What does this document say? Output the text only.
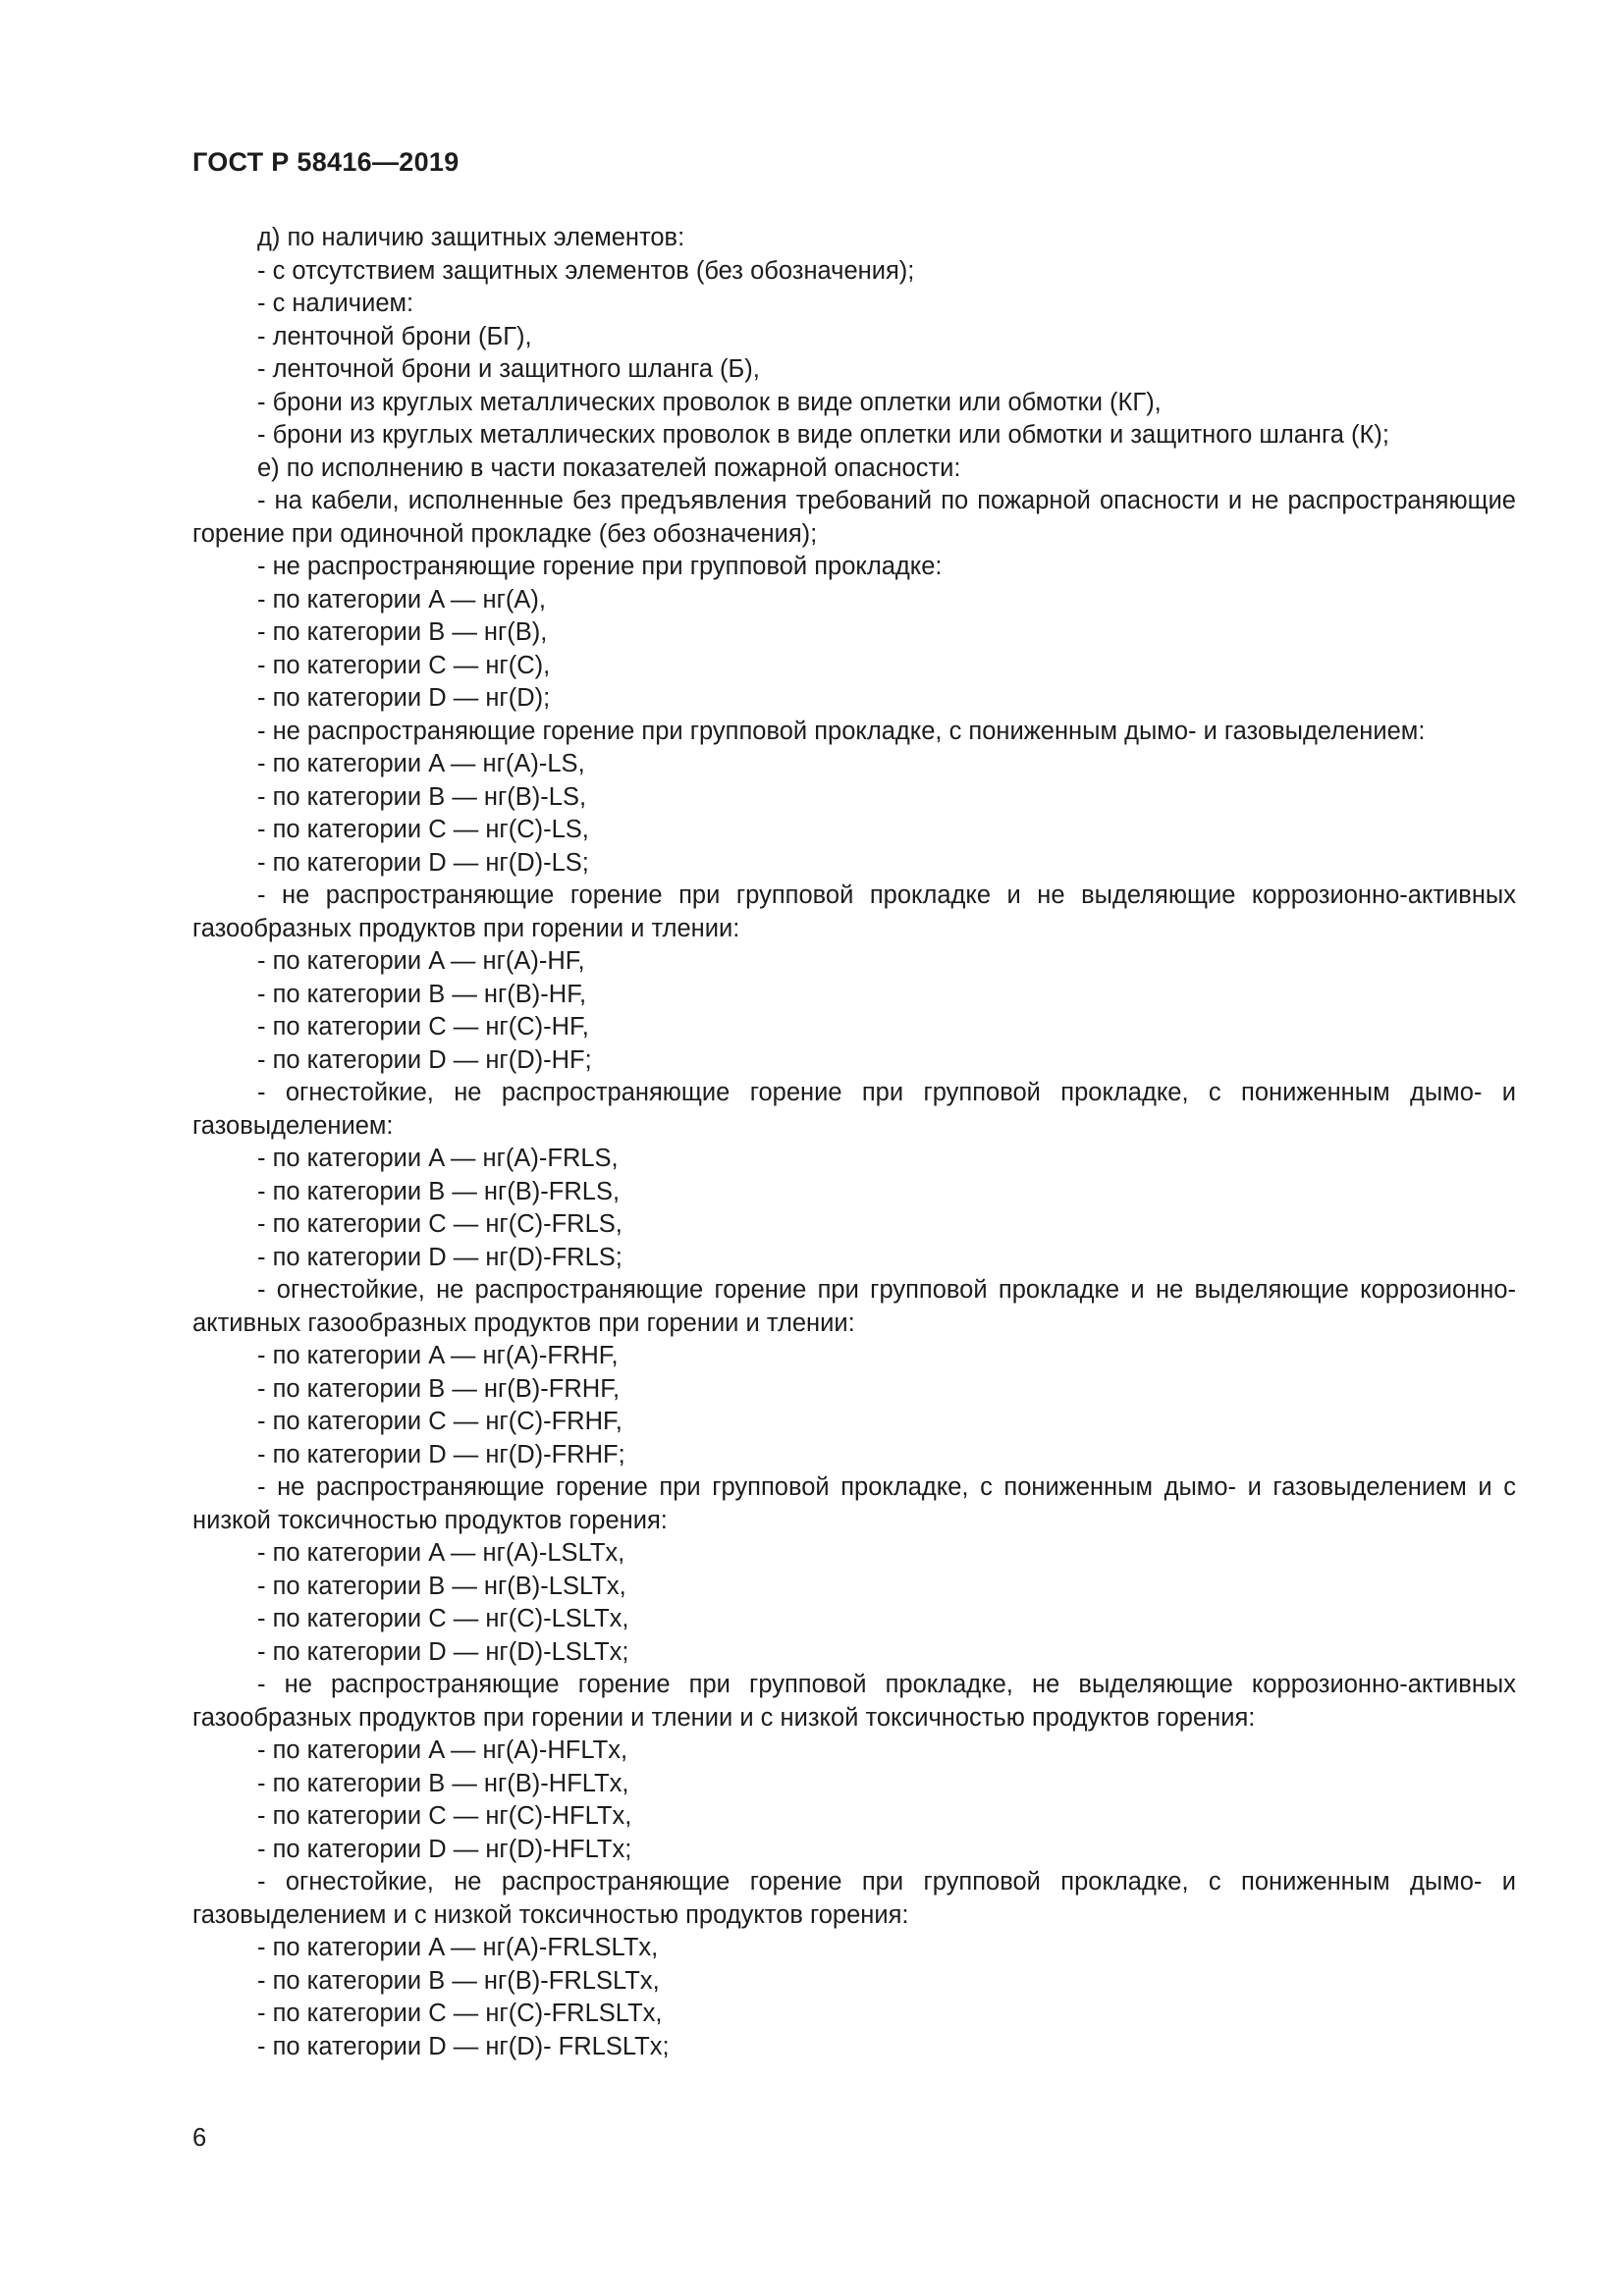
ГОСТ Р 58416—2019

д) по наличию защитных элементов:

- с отсутствием защитных элементов (без обозначения);

- с наличием:

- ленточной брони (БГ),

- ленточной брони и защитного шланга (Б),

- брони из круглых металлических проволок в виде оплетки или обмотки (КГ),

- брони из круглых металлических проволок в виде оплетки или обмотки и защитного шланга (К);

е) по исполнению в части показателей пожарной опасности:

- на кабели, исполненные без предъявления требований по пожарной опасности и не распространяющие горение при одиночной прокладке (без обозначения);

- не распространяющие горение при групповой прокладке:

- по категории A — нг(A),

- по категории B — нг(B),

- по категории C — нг(C),

- по категории D — нг(D);

- не распространяющие горение при групповой прокладке, с пониженным дымо- и газовыделением:

- по категории A — нг(A)-LS,

- по категории B — нг(B)-LS,

- по категории C — нг(C)-LS,

- по категории D — нг(D)-LS;

- не распространяющие горение при групповой прокладке и не выделяющие коррозионно-активных газообразных продуктов при горении и тлении:

- по категории A — нг(A)-HF,

- по категории B — нг(B)-HF,

- по категории C — нг(C)-HF,

- по категории D — нг(D)-HF;

- огнестойкие, не распространяющие горение при групповой прокладке, с пониженным дымо- и газовыделением:

- по категории A — нг(A)-FRLS,

- по категории B — нг(B)-FRLS,

- по категории C — нг(C)-FRLS,

- по категории D — нг(D)-FRLS;

- огнестойкие, не распространяющие горение при групповой прокладке и не выделяющие коррозионно-активных газообразных продуктов при горении и тлении:

- по категории A — нг(A)-FRHF,

- по категории B — нг(B)-FRHF,

- по категории C — нг(C)-FRHF,

- по категории D — нг(D)-FRHF;

- не распространяющие горение при групповой прокладке, с пониженным дымо- и газовыделением и с низкой токсичностью продуктов горения:

- по категории A — нг(A)-LSLTx,

- по категории B — нг(B)-LSLTx,

- по категории C — нг(C)-LSLTx,

- по категории D — нг(D)-LSLTx;

- не распространяющие горение при групповой прокладке, не выделяющие коррозионно-активных газообразных продуктов при горении и тлении и с низкой токсичностью продуктов горения:

- по категории A — нг(A)-HFLTx,

- по категории B — нг(B)-HFLTx,

- по категории C — нг(C)-HFLTx,

- по категории D — нг(D)-HFLTx;

- огнестойкие, не распространяющие горение при групповой прокладке, с пониженным дымо- и газовыделением и с низкой токсичностью продуктов горения:

- по категории A — нг(A)-FRLSLTx,

- по категории B — нг(B)-FRLSLTx,

- по категории C — нг(C)-FRLSLTx,

- по категории D — нг(D)- FRLSLTx;

6
